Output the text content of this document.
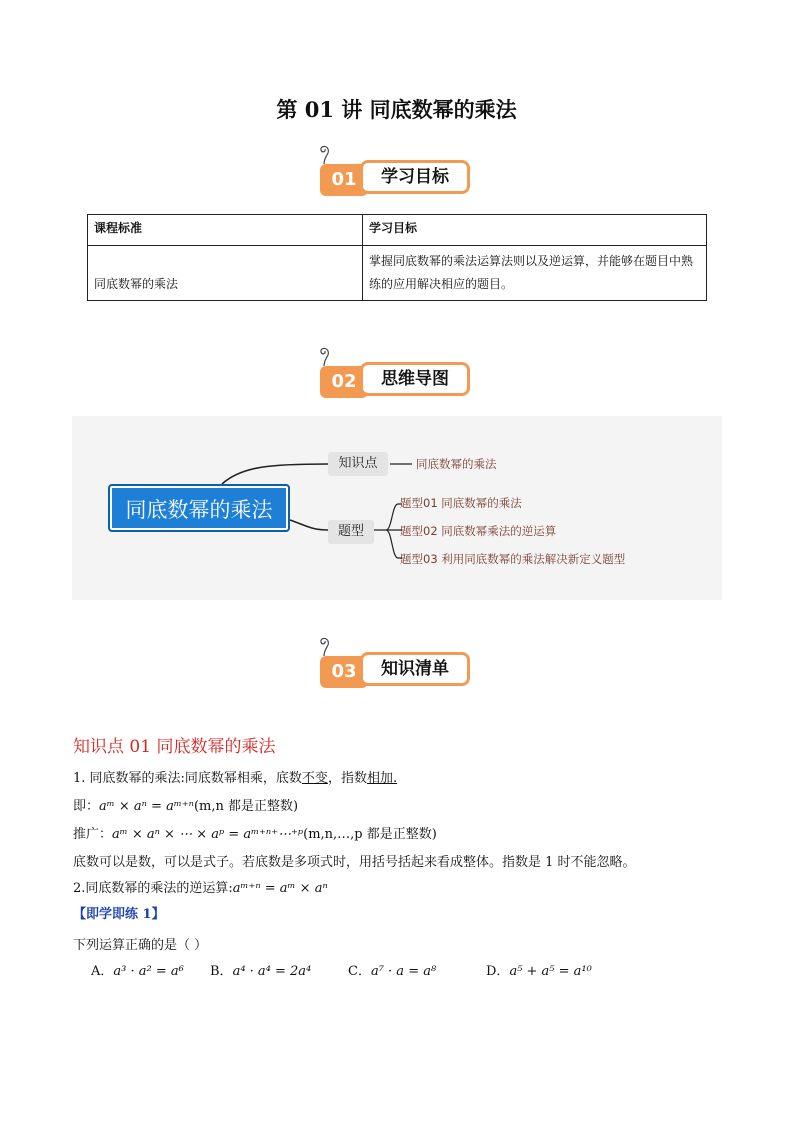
第 01 讲 同底数幂的乘法
01	学习目标
课程标准	学习目标
同底数幂的乘法	掌握同底数幂的乘法运算法则以及逆运算，并能够在题目中熟练的应用解决相应的题目。
02	思维导图
同底数幂的乘法
知识点
题型
同底数幂的乘法
题型01 同底数幂的乘法
题型02 同底数幂乘法的逆运算
题型03 利用同底数幂的乘法解决新定义题型
03	知识清单
知识点 01 同底数幂的乘法
1. 同底数幂的乘法:同底数幂相乘，底数不变，指数相加.
即：aᵐ × aⁿ = aᵐ⁺ⁿ(m,n 都是正整数)
推广：aᵐ × aⁿ × ⋯ × aᵖ = aᵐ⁺ⁿ⁺⋯⁺ᵖ(m,n,…,p 都是正整数)
底数可以是数，可以是式子。若底数是多项式时，用括号括起来看成整体。指数是 1 时不能忽略。
2.同底数幂的乘法的逆运算:aᵐ⁺ⁿ = aᵐ × aⁿ
【即学即练 1】
下列运算正确的是（ ）
A．a³ · a² = a⁶ B．a⁴ · a⁴ = 2a⁴	C．a⁷ · a = a⁸	D．a⁵ + a⁵ = a¹⁰
